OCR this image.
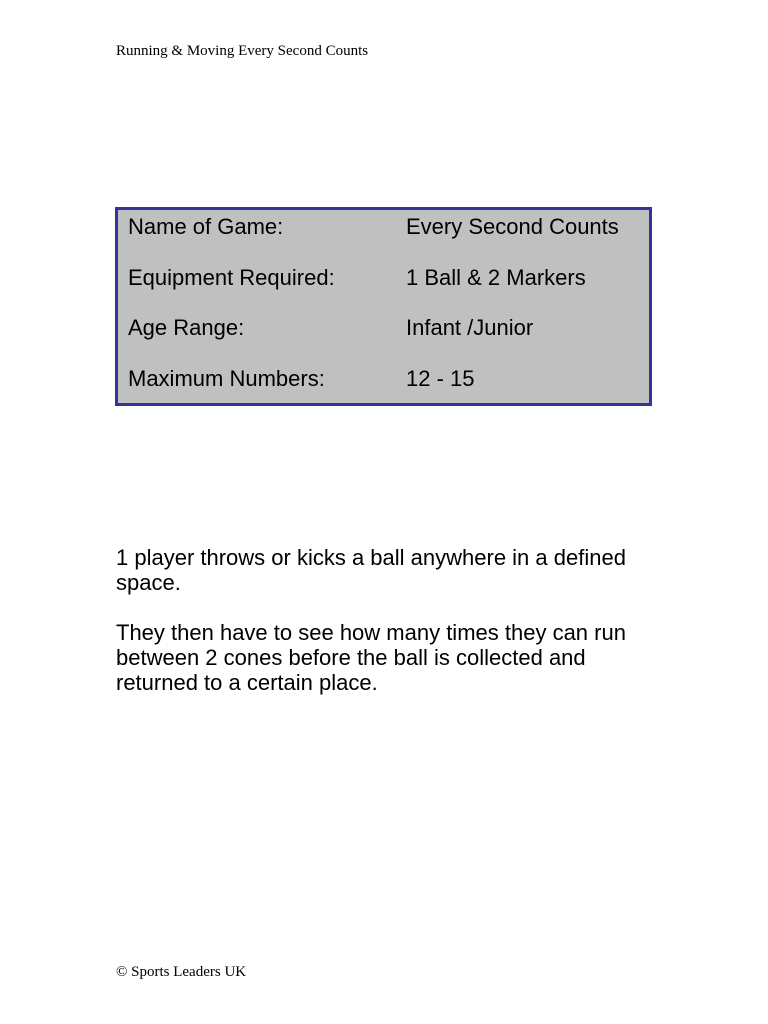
Running & Moving Every Second Counts
Name of Game:	Every Second Counts
Equipment Required:	1 Ball & 2 Markers
Age Range:	Infant /Junior
Maximum Numbers:	12 - 15

1 player throws or kicks a ball anywhere in a defined space.

They then have to see how many times they can run between 2 cones before the ball is collected and returned to a certain place.

© Sports Leaders UK
